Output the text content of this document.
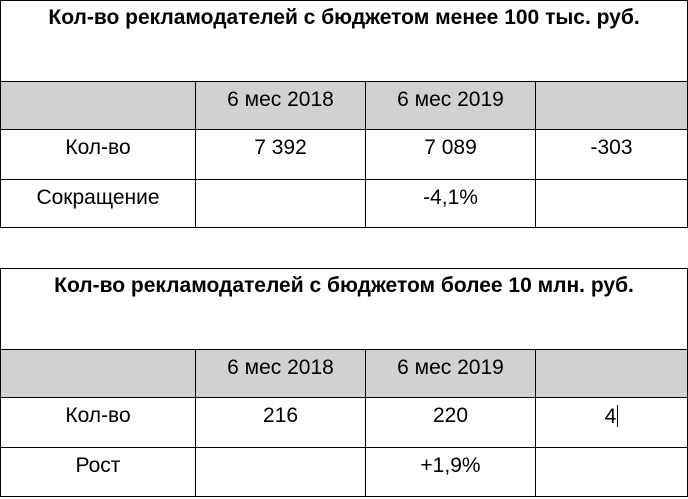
Кол-во рекламодателей с бюджетом менее 100 тыс. руб.			
	6 мес 2018	6 мес 2019	
Кол-во	7 392	7 089	-303
Сокращение		-4,1%	
Кол-во рекламодателей с бюджетом более 10 млн. руб.			
	6 мес 2018	6 мес 2019	
Кол-во	216	220	4
Рост		+1,9%	
